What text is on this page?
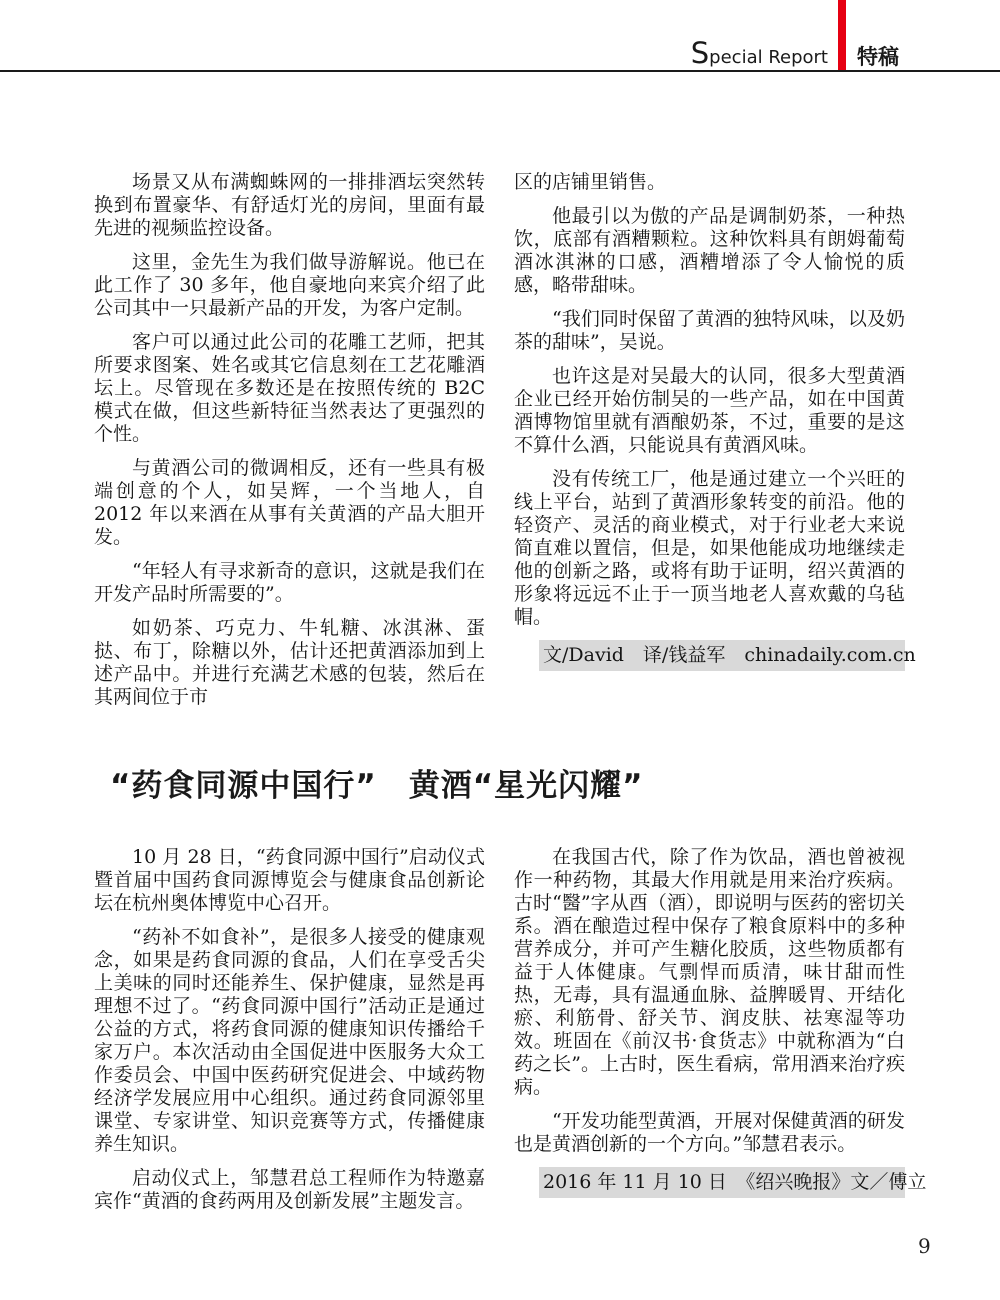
Special Report 特稿

场景又从布满蜘蛛网的一排排酒坛突然转换到布置豪华、有舒适灯光的房间，里面有最先进的视频监控设备。

这里，金先生为我们做导游解说。他已在此工作了 30 多年，他自豪地向来宾介绍了此公司其中一只最新产品的开发，为客户定制。

客户可以通过此公司的花雕工艺师，把其所要求图案、姓名或其它信息刻在工艺花雕酒坛上。尽管现在多数还是在按照传统的 B2C 模式在做，但这些新特征当然表达了更强烈的个性。

与黄酒公司的微调相反，还有一些具有极端创意的个人，如吴辉，一个当地人，自 2012 年以来酒在从事有关黄酒的产品大胆开发。

“年轻人有寻求新奇的意识，这就是我们在开发产品时所需要的”。

如奶茶、巧克力、牛轧糖、冰淇淋、蛋挞、布丁，除糖以外，估计还把黄酒添加到上述产品中。并进行充满艺术感的包装，然后在其两间位于市

区的店铺里销售。

他最引以为傲的产品是调制奶茶，一种热饮，底部有酒糟颗粒。这种饮料具有朗姆葡萄酒冰淇淋的口感，酒糟增添了令人愉悦的质感，略带甜味。

“我们同时保留了黄酒的独特风味，以及奶茶的甜味”，吴说。

也许这是对吴最大的认同，很多大型黄酒企业已经开始仿制吴的一些产品，如在中国黄酒博物馆里就有酒酿奶茶，不过，重要的是这不算什么酒，只能说具有黄酒风味。

没有传统工厂，他是通过建立一个兴旺的线上平台，站到了黄酒形象转变的前沿。他的轻资产、灵活的商业模式，对于行业老大来说简直难以置信，但是，如果他能成功地继续走他的创新之路，或将有助于证明，绍兴黄酒的形象将远远不止于一顶当地老人喜欢戴的乌毡帽。

文/David　译/钱益军　chinadaily.com.cn
“药食同源中国行”　黄酒“星光闪耀”

10 月 28 日，“药食同源中国行”启动仪式暨首届中国药食同源博览会与健康食品创新论坛在杭州奥体博览中心召开。

“药补不如食补”，是很多人接受的健康观念，如果是药食同源的食品，人们在享受舌尖上美味的同时还能养生、保护健康，显然是再理想不过了。“药食同源中国行”活动正是通过公益的方式，将药食同源的健康知识传播给千家万户。本次活动由全国促进中医服务大众工作委员会、中国中医药研究促进会、中域药物经济学发展应用中心组织。通过药食同源邻里课堂、专家讲堂、知识竞赛等方式，传播健康养生知识。

启动仪式上，邹慧君总工程师作为特邀嘉宾作“黄酒的食药两用及创新发展”主题发言。

在我国古代，除了作为饮品，酒也曾被视作一种药物，其最大作用就是用来治疗疾病。古时“醫”字从酉（酒），即说明与医药的密切关系。酒在酿造过程中保存了粮食原料中的多种营养成分，并可产生糖化胶质，这些物质都有益于人体健康。气剽悍而质清，味甘甜而性热，无毒，具有温通血脉、益脾暖胃、开结化瘀、利筋骨、舒关节、润皮肤、祛寒湿等功效。班固在《前汉书·食货志》中就称酒为“白药之长”。上古时，医生看病，常用酒来治疗疾病。

“开发功能型黄酒，开展对保健黄酒的研发也是黄酒创新的一个方向。”邹慧君表示。

2016 年 11 月 10 日　《绍兴晚报》文／傅立
9
